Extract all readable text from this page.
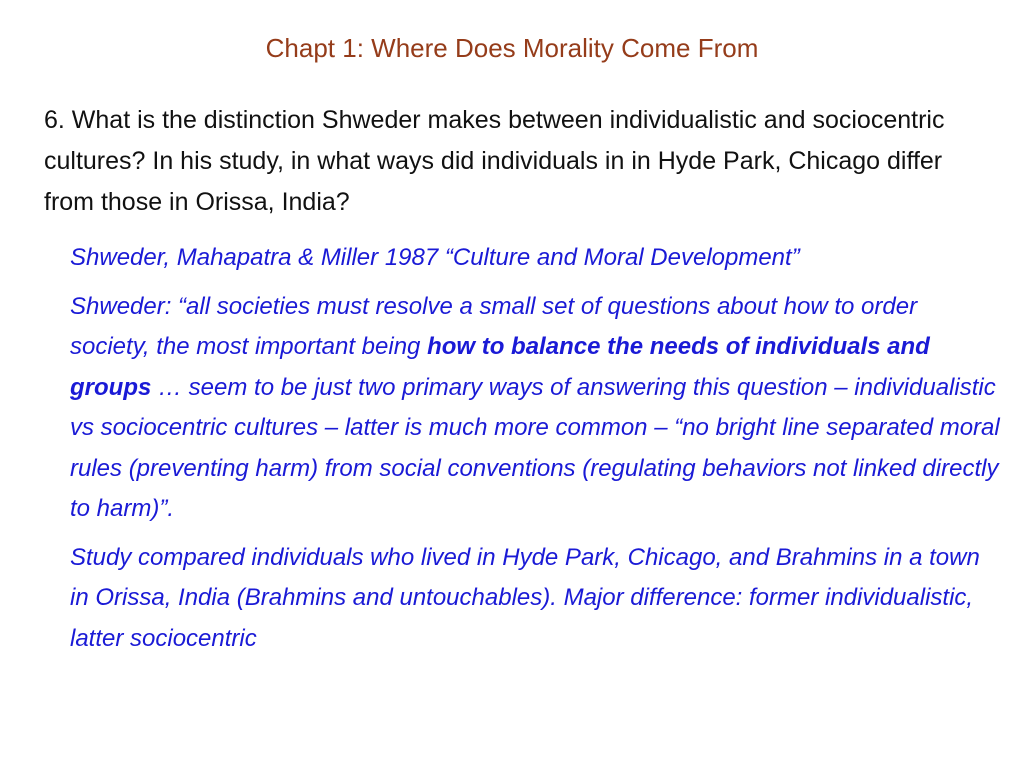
Chapt 1: Where Does Morality Come From
6. What is the distinction Shweder makes between individualistic and sociocentric cultures? In his study, in what ways did individuals in in Hyde Park, Chicago differ from those in Orissa, India?

Shweder, Mahapatra & Miller 1987 “Culture and Moral Development”

Shweder: “all societies must resolve a small set of questions about how to order society, the most important being how to balance the needs of individuals and groups … seem to be just two primary ways of answering this question – individualistic vs sociocentric cultures – latter is much more common – “no bright line separated moral rules (preventing harm) from social conventions (regulating behaviors not linked directly to harm)”.

Study compared individuals who lived in Hyde Park, Chicago, and Brahmins in a town in Orissa, India (Brahmins and untouchables). Major difference: former individualistic, latter sociocentric
